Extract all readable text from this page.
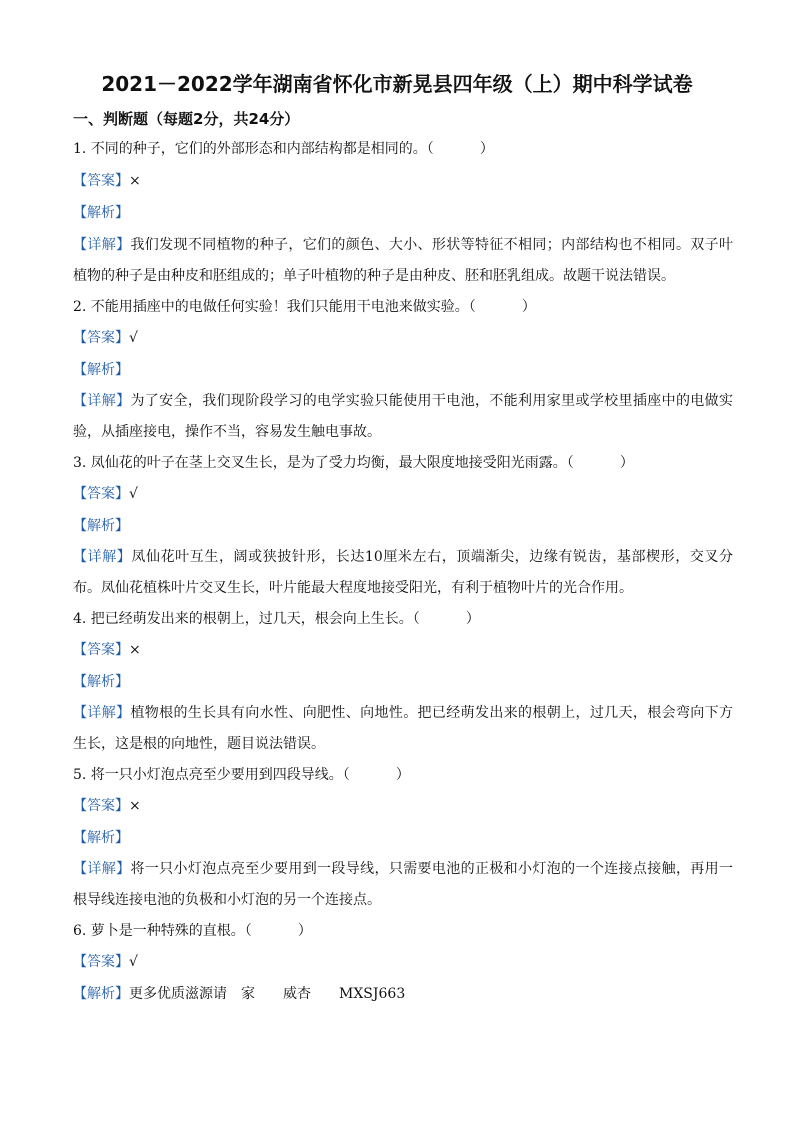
2021－2022学年湖南省怀化市新晃县四年级（上）期中科学试卷
一、判断题（每题2分，共24分）
1. 不同的种子，它们的外部形态和内部结构都是相同的。（	）
【答案】×
【解析】
【详解】我们发现不同植物的种子，它们的颜色、大小、形状等特征不相同；内部结构也不相同。双子叶
植物的种子是由种皮和胚组成的；单子叶植物的种子是由种皮、胚和胚乳组成。故题干说法错误。
2. 不能用插座中的电做任何实验！我们只能用干电池来做实验。（	）
【答案】√
【解析】
【详解】为了安全，我们现阶段学习的电学实验只能使用干电池，不能利用家里或学校里插座中的电做实
验，从插座接电，操作不当，容易发生触电事故。
3. 凤仙花的叶子在茎上交叉生长，是为了受力均衡，最大限度地接受阳光雨露。（	）
【答案】√
【解析】
【详解】凤仙花叶互生，阔或狭披针形，长达10厘米左右，顶端渐尖，边缘有锐齿，基部楔形，交叉分
布。凤仙花植株叶片交叉生长，叶片能最大程度地接受阳光，有利于植物叶片的光合作用。
4. 把已经萌发出来的根朝上，过几天，根会向上生长。（	）
【答案】×
【解析】
【详解】植物根的生长具有向水性、向肥性、向地性。把已经萌发出来的根朝上，过几天，根会弯向下方
生长，这是根的向地性，题目说法错误。
5. 将一只小灯泡点亮至少要用到四段导线。（	）
【答案】×
【解析】
【详解】将一只小灯泡点亮至少要用到一段导线，只需要电池的正极和小灯泡的一个连接点接触，再用一
根导线连接电池的负极和小灯泡的另一个连接点。
6. 萝卜是一种特殊的直根。（	）
【答案】√
【解析】更多优质滋源请　家　　威杏　　MXSJ663
